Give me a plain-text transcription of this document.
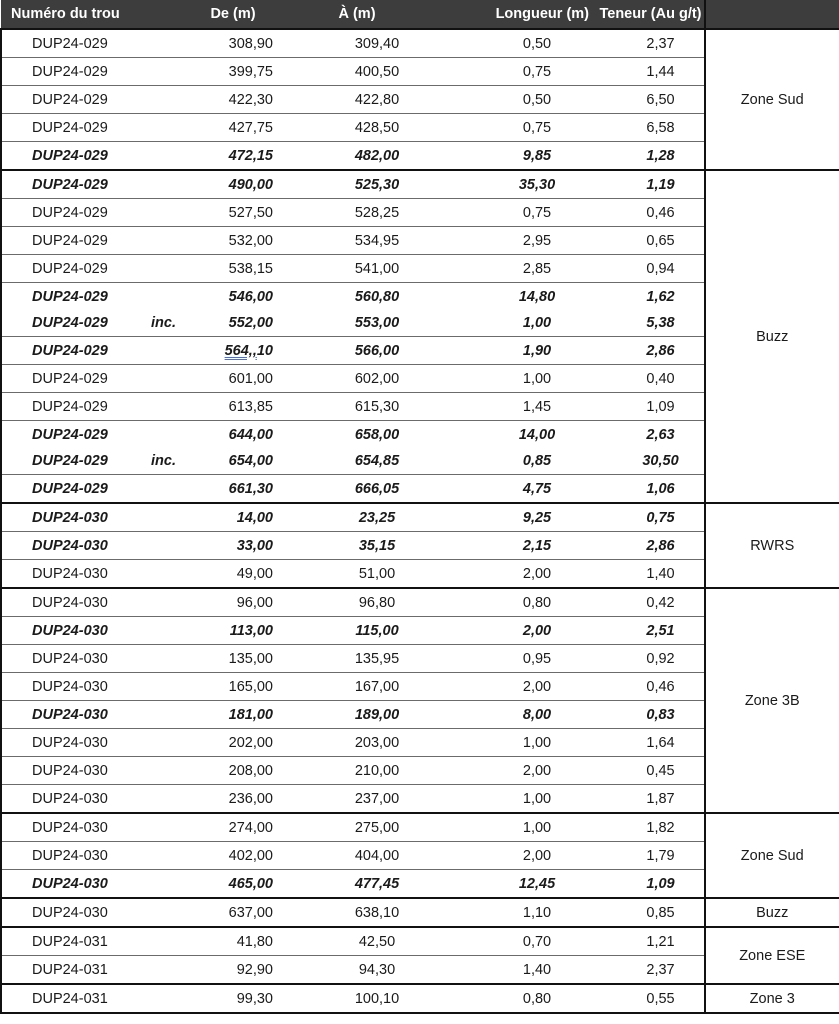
Numéro du trou		De (m)	À (m)	Longueur (m)	Teneur (Au g/t)	
DUP24-029		308,90	309,40	0,50	2,37	Zone Sud
DUP24-029		399,75	400,50	0,75	1,44	
DUP24-029		422,30	422,80	0,50	6,50	
DUP24-029		427,75	428,50	0,75	6,58	
DUP24-029		472,15	482,00	9,85	1,28	
DUP24-029		490,00	525,30	35,30	1,19	Buzz
DUP24-029		527,50	528,25	0,75	0,46	
DUP24-029		532,00	534,95	2,95	0,65	
DUP24-029		538,15	541,00	2,85	0,94	
DUP24-029		546,00	560,80	14,80	1,62	
DUP24-029	inc.	552,00	553,00	1,00	5,38	
DUP24-029		564,,10	566,00	1,90	2,86	
DUP24-029		601,00	602,00	1,00	0,40	
DUP24-029		613,85	615,30	1,45	1,09	
DUP24-029		644,00	658,00	14,00	2,63	
DUP24-029	inc.	654,00	654,85	0,85	30,50	
DUP24-029		661,30	666,05	4,75	1,06	
DUP24-030		14,00	23,25	9,25	0,75	RWRS
DUP24-030		33,00	35,15	2,15	2,86	
DUP24-030		49,00	51,00	2,00	1,40	
DUP24-030		96,00	96,80	0,80	0,42	Zone 3B
DUP24-030		113,00	115,00	2,00	2,51	
DUP24-030		135,00	135,95	0,95	0,92	
DUP24-030		165,00	167,00	2,00	0,46	
DUP24-030		181,00	189,00	8,00	0,83	
DUP24-030		202,00	203,00	1,00	1,64	
DUP24-030		208,00	210,00	2,00	0,45	
DUP24-030		236,00	237,00	1,00	1,87	
DUP24-030		274,00	275,00	1,00	1,82	Zone Sud
DUP24-030		402,00	404,00	2,00	1,79	
DUP24-030		465,00	477,45	12,45	1,09	
DUP24-030		637,00	638,10	1,10	0,85	Buzz
DUP24-031		41,80	42,50	0,70	1,21	Zone ESE
DUP24-031		92,90	94,30	1,40	2,37	
DUP24-031		99,30	100,10	0,80	0,55	Zone 3
